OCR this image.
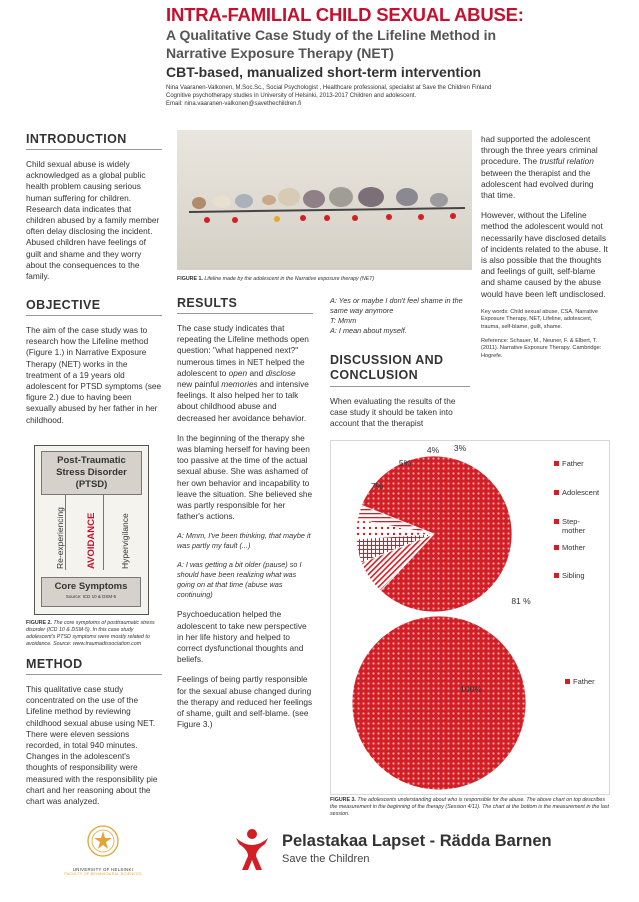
INTRA-FAMILIAL CHILD SEXUAL ABUSE:
A Qualitative Case Study of the Lifeline Method in
Narrative Exposure Therapy (NET)
CBT-based, manualized short-term intervention
Nina Vaaranen-Valkonen, M.Soc.Sc., Social Psychologist , Healthcare professional, specialist at Save the Children Finland
Cognitive psychotherapy studies in University of Helsinki, 2013-2017 Children and adolescent.
Email: nina.vaaranen-valkonen@savethechildren.fi
INTRODUCTION
Child sexual abuse is widely acknowledged as a global public health problem causing serious human suffering for children. Research data indicates that children abused by a family member often delay disclosing the incident. Abused children have feelings of guilt and shame and they worry about the consequences to the family.
OBJECTIVE
The aim of the case study was to research how the Lifeline method (Figure 1.) in Narrative Exposure Therapy (NET) works in the treatment of a 19 years old adolescent for PTSD symptoms (see figure 2.) due to having been sexually abused by her father in her childhood.
Post-Traumatic Stress Disorder (PTSD)
Re-experiencing AVOIDANCE	Hypervigilance
Core Symptoms
Source: ICD 10 & DSM-5
FIGURE 2. The core symptoms of posttraumatic stress disorder (ICD 10 & DSM-5). In this case study adolescent's PTSD symptoms were mostly related to avoidance. Source: www.traumadissociation.com
METHOD
This qualitative case study concentrated on the use of the Lifeline method by reviewing childhood sexual abuse using NET. There were eleven sessions recorded, in total 940 minutes. Changes in the adolescent's thoughts of responsibility were measured with the responsibility pie chart and her reasoning about the chart was analyzed.
UNIVERSITY OF HELSINKI
FACULTY OF BEHAVIOURAL SCIENCES
FIGURE 1. Lifeline made by the adolescent in the Narrative exposure therapy (NET)
RESULTS

The case study indicates that repeating the Lifeline methods open question: "what happened next?" numerous times in NET helped the adolescent to open and disclose new painful memories and intensive feelings. It also helped her to talk about childhood abuse and decreased her avoidance behavior.

In the beginning of the therapy she was blaming herself for having been too passive at the time of the actual sexual abuse. She was ashamed of her own behavior and incapability to leave the situation. She believed she was partly responsible for her father's actions.

A: Mmm, I've been thinking, that maybe it was partly my fault (...)

A: I was getting a bit older (pause) so I should have been realizing what was going on at that time (abuse was continuing)

Psychoeducation helped the adolescent to take new perspective in her life history and helped to correct dysfunctional thoughts and beliefs.

Feelings of being partly responsible for the sexual abuse changed during the therapy and reduced her feelings of shame, guilt and self-blame. (see Figure 3.)

A: Yes or maybe I don't feel shame in the same way anymore
T: Mmm
A: I mean about myself.
DISCUSSION AND
CONCLUSION
When evaluating the results of the case study it should be taken into account that the therapist

had supported the adolescent through the three years criminal procedure. The trustful relation between the therapist and the adolescent had evolved during that time.

However, without the Lifeline method the adolescent would not necessarily have disclosed details of incidents related to the abuse. It is also possible that the thoughts and feelings of guilt, self-blame and shame caused by the abuse would have been left undisclosed.

Key words: Child sexual abuse, CSA, Narrative Exposure Therapy, NET, Lifeline, adolescent, trauma, self-blame, guilt, shame.
Reference: Schauer, M., Neuner, F. & Elbert, T. (2011). Narrative Exposure Therapy. Cambridge: Hogrefe.
Father
Adolescent
Step-mother
Mother
Sibling
Father
81 %
7%
5%
4% 3%
100%
FIGURE 3. The adolescents understanding about who is responsible for the abuse. The above chart on top describes the measurement in the beginning of the therapy (Session 4/11). The chart at the bottom is the measurement in the last session.
Pelastakaa Lapset - Rädda Barnen
Save the Children
